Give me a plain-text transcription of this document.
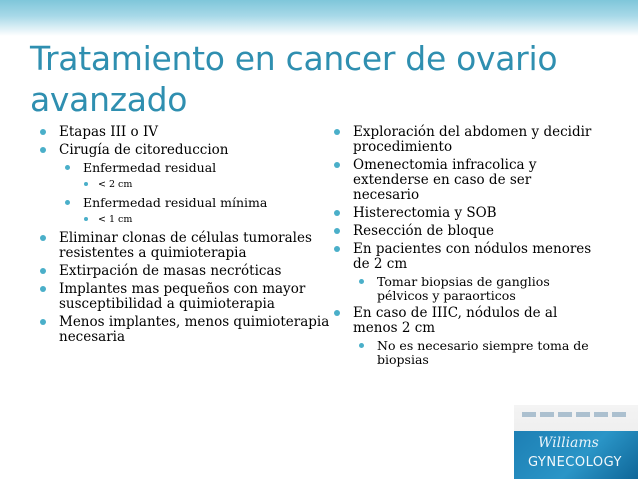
Tratamiento en cancer de ovario avanzado
Etapas III o IV
Cirugía de citoreduccion
Enfermedad residual
< 2 cm
Enfermedad residual mínima
< 1 cm
Eliminar clonas de células tumorales resistentes a quimioterapia
Extirpación de masas necróticas
Implantes mas pequeños con mayor susceptibilidad a quimioterapia
Menos implantes, menos quimioterapia necesaria
Exploración del abdomen y decidir procedimiento
Omenectomia infracolica y extenderse en caso de ser necesario
Histerectomia y SOB
Resección de bloque
En pacientes con nódulos menores de 2 cm
Tomar biopsias de ganglios pélvicos y paraorticos
En caso de IIIC, nódulos de al menos 2 cm
No es necesario siempre toma de biopsias
Williams
GYNECOLOGY
